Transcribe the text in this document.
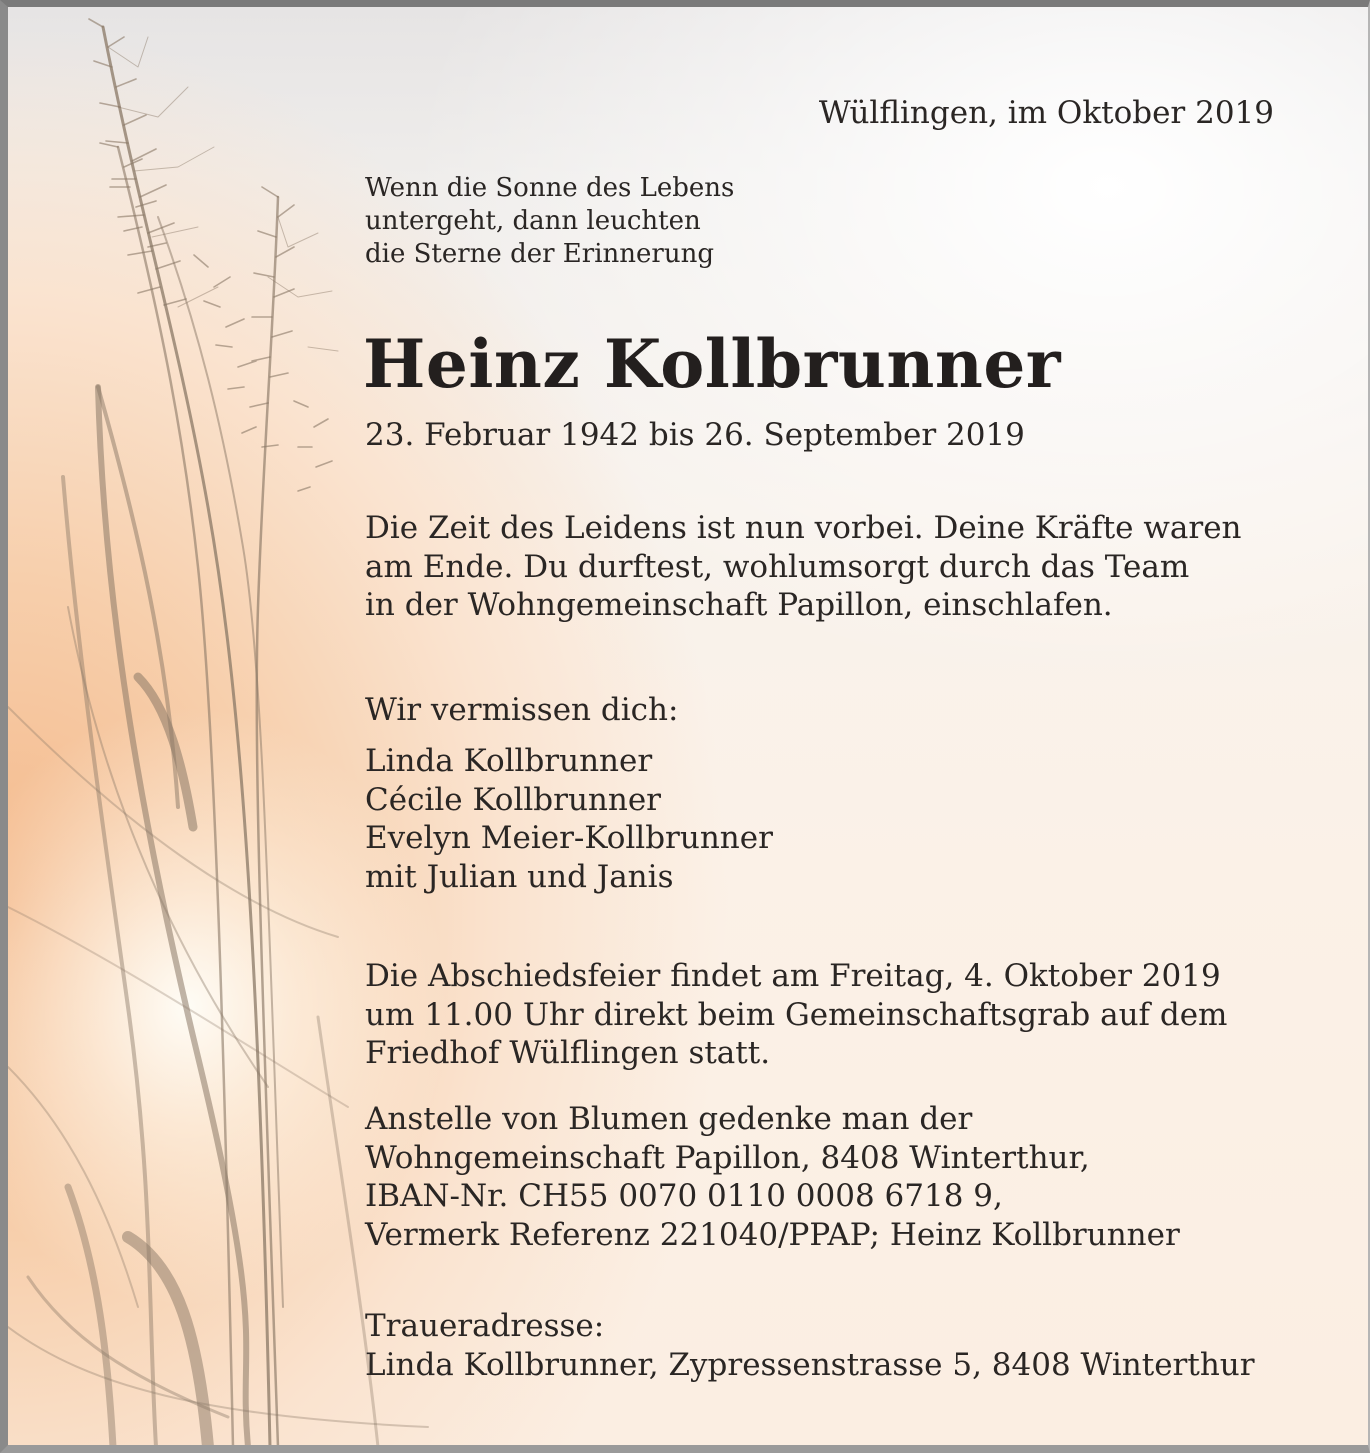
Wülflingen, im Oktober 2019
Wenn die Sonne des Lebens
untergeht, dann leuchten
die Sterne der Erinnerung
Heinz Kollbrunner
23. Februar 1942 bis 26. September 2019
Die Zeit des Leidens ist nun vorbei. Deine Kräfte waren
am Ende. Du durftest, wohlumsorgt durch das Team
in der Wohngemeinschaft Papillon, einschlafen.
Wir vermissen dich:
Linda Kollbrunner
Cécile Kollbrunner
Evelyn Meier-Kollbrunner
mit Julian und Janis
Die Abschiedsfeier findet am Freitag, 4. Oktober 2019
um 11.00 Uhr direkt beim Gemeinschaftsgrab auf dem
Friedhof Wülflingen statt.
Anstelle von Blumen gedenke man der
Wohngemeinschaft Papillon, 8408 Winterthur,
IBAN-Nr. CH55 0070 0110 0008 6718 9,
Vermerk Referenz 221040/PPAP; Heinz Kollbrunner
Traueradresse:
Linda Kollbrunner, Zypressenstrasse 5, 8408 Winterthur
